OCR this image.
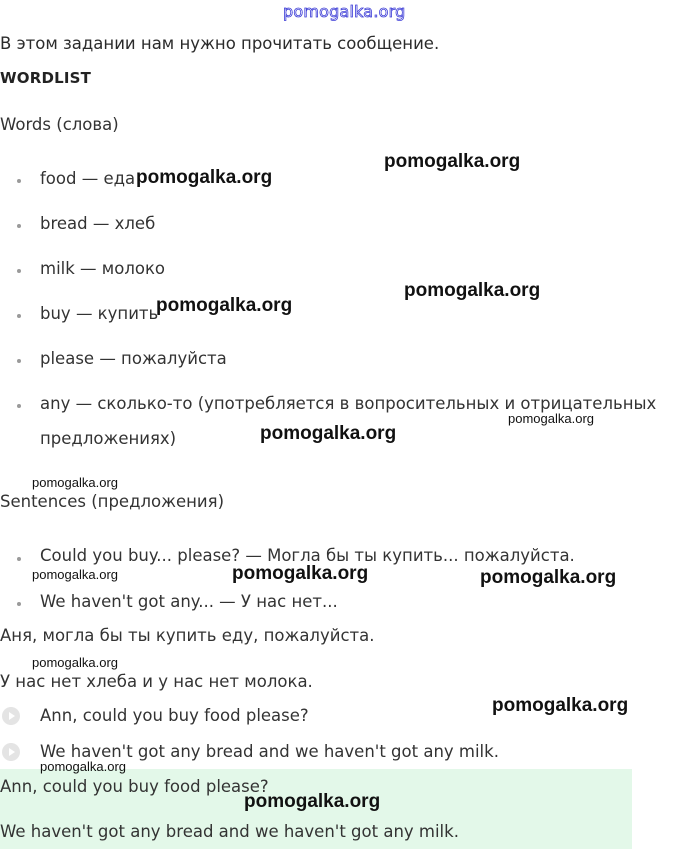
pomogalka.org
В этом задании нам нужно прочитать сообщение.
WORDLIST
Words (слова)
food — еда
bread — хлеб
milk — молоко
buy — купить
please — пожалуйста
any — сколько-то (употребляется в вопросительных и отрицательных
предложениях)
Sentences (предложения)
Could you buy... please? — Могла бы ты купить... пожалуйста.
We haven't got any... — У нас нет...
Аня, могла бы ты купить еду, пожалуйста.
У нас нет хлеба и у нас нет молока.
Ann, could you buy food please?
We haven't got any bread and we haven't got any milk.
Ann, could you buy food please?
We haven't got any bread and we haven't got any milk.
pomogalka.org
pomogalka.org
pomogalka.org
pomogalka.org
pomogalka.org
pomogalka.org
pomogalka.org
pomogalka.org	pomogalka.org	pomogalka.org
pomogalka.org
pomogalka.org
pomogalka.org
pomogalka.org
